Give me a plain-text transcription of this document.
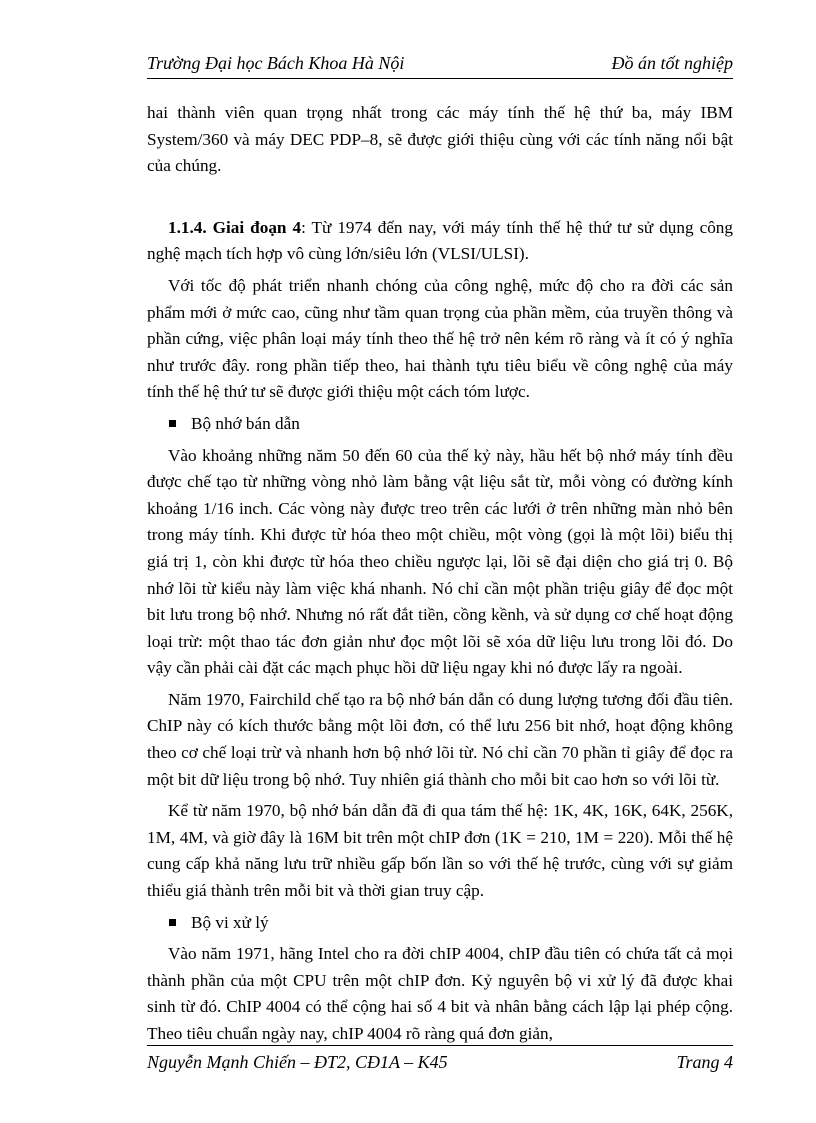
Trường Đại học Bách Khoa Hà Nội	Đồ án tốt nghiệp

hai thành viên quan trọng nhất trong các máy tính thế hệ thứ ba, máy IBM System/360 và máy DEC PDP–8, sẽ được giới thiệu cùng với các tính năng nổi bật của chúng.

1.1.4. Giai đoạn 4: Từ 1974 đến nay, với máy tính thế hệ thứ tư sử dụng công nghệ mạch tích hợp vô cùng lớn/siêu lớn (VLSI/ULSI).

Với tốc độ phát triển nhanh chóng của công nghệ, mức độ cho ra đời các sản phẩm mới ở mức cao, cũng như tầm quan trọng của phần mềm, của truyền thông và phần cứng, việc phân loại máy tính theo thế hệ trở nên kém rõ ràng và ít có ý nghĩa như trước đây. rong phần tiếp theo, hai thành tựu tiêu biểu về công nghệ của máy tính thế hệ thứ tư sẽ được giới thiệu một cách tóm lược.

Bộ nhớ bán dẫn

Vào khoảng những năm 50 đến 60 của thế kỷ này, hầu hết bộ nhớ máy tính đều được chế tạo từ những vòng nhỏ làm bằng vật liệu sắt từ, mỗi vòng có đường kính khoảng 1/16 inch. Các vòng này được treo trên các lưới ở trên những màn nhỏ bên trong máy tính. Khi được từ hóa theo một chiều, một vòng (gọi là một lõi) biểu thị giá trị 1, còn khi được từ hóa theo chiều ngược lại, lõi sẽ đại diện cho giá trị 0. Bộ nhớ lõi từ kiểu này làm việc khá nhanh. Nó chỉ cần một phần triệu giây để đọc một bit lưu trong bộ nhớ. Nhưng nó rất đắt tiền, cồng kềnh, và sử dụng cơ chế hoạt động loại trừ: một thao tác đơn giản như đọc một lõi sẽ xóa dữ liệu lưu trong lõi đó. Do vậy cần phải cài đặt các mạch phục hồi dữ liệu ngay khi nó được lấy ra ngoài.

Năm 1970, Fairchild chế tạo ra bộ nhớ bán dẫn có dung lượng tương đối đầu tiên. ChIP này có kích thước bằng một lõi đơn, có thể lưu 256 bit nhớ, hoạt động không theo cơ chế loại trừ và nhanh hơn bộ nhớ lõi từ. Nó chỉ cần 70 phần tỉ giây để đọc ra một bit dữ liệu trong bộ nhớ. Tuy nhiên giá thành cho mỗi bit cao hơn so với lõi từ.

Kể từ năm 1970, bộ nhớ bán dẫn đã đi qua tám thế hệ: 1K, 4K, 16K, 64K, 256K, 1M, 4M, và giờ đây là 16M bit trên một chIP đơn (1K = 210, 1M = 220). Mỗi thế hệ cung cấp khả năng lưu trữ nhiều gấp bốn lần so với thế hệ trước, cùng với sự giảm thiểu giá thành trên mỗi bit và thời gian truy cập.

Bộ vi xử lý

Vào năm 1971, hãng Intel cho ra đời chIP 4004, chIP đầu tiên có chứa tất cả mọi thành phần của một CPU trên một chIP đơn. Kỷ nguyên bộ vi xử lý đã được khai sinh từ đó. ChIP 4004 có thể cộng hai số 4 bit và nhân bằng cách lập lại phép cộng. Theo tiêu chuẩn ngày nay, chIP 4004 rõ ràng quá đơn giản,

Nguyễn Mạnh Chiến – ĐT2, CĐ1A – K45	Trang 4
